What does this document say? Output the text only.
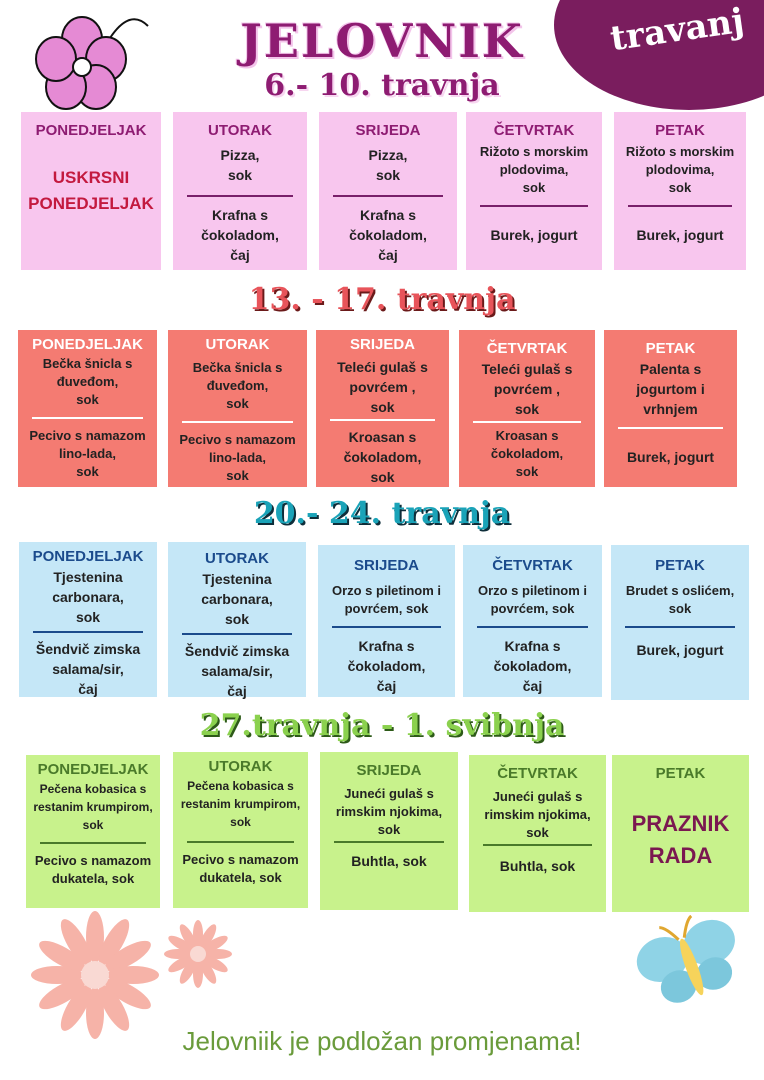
travanj
JELOVNIK
6.- 10. travnja
PONEDJELJAK
USKRSNI
PONEDJELJAK
UTORAK
Pizza,
sok
Krafna s
čokoladom,
čaj
SRIJEDA
Pizza,
sok
Krafna s
čokoladom,
čaj
ČETVRTAK
Rižoto s morskim
plodovima,
sok
Burek, jogurt
PETAK
Rižoto s morskim
plodovima,
sok
Burek, jogurt
13. - 17. travnja
PONEDJELJAK
Bečka šnicla s
đuveđom,
sok
Pecivo s namazom
lino-lada,
sok
UTORAK
Bečka šnicla s
đuveđom,
sok
Pecivo s namazom
lino-lada,
sok
SRIJEDA
Teleći gulaš s
povrćem ,
sok
Kroasan s
čokoladom,
sok
ČETVRTAK
Teleći gulaš s
povrćem ,
sok
Kroasan s
čokoladom,
sok
PETAK
Palenta s
jogurtom i
vrhnjem
Burek, jogurt
20.- 24. travnja
PONEDJELJAK
Tjestenina
carbonara,
sok
Šendvič zimska
salama/sir,
čaj
UTORAK
Tjestenina
carbonara,
sok
Šendvič zimska
salama/sir,
čaj
SRIJEDA
Orzo s piletinom i
povrćem, sok
Krafna s
čokoladom,
čaj
ČETVRTAK
Orzo s piletinom i
povrćem, sok
Krafna s
čokoladom,
čaj
PETAK
Brudet s oslićem,
sok
Burek, jogurt
27.travnja - 1. svibnja
PONEDJELJAK
Pečena kobasica s
restanim krumpirom,
sok
Pecivo s namazom
dukatela, sok
UTORAK
Pečena kobasica s
restanim krumpirom,
sok
Pecivo s namazom
dukatela, sok
SRIJEDA
Juneći gulaš s
rimskim njokima,
sok
Buhtla, sok
ČETVRTAK
Juneći gulaš s
rimskim njokima,
sok
Buhtla, sok
PETAK
PRAZNIK
RADA
Jelovniik je podložan promjenama!
